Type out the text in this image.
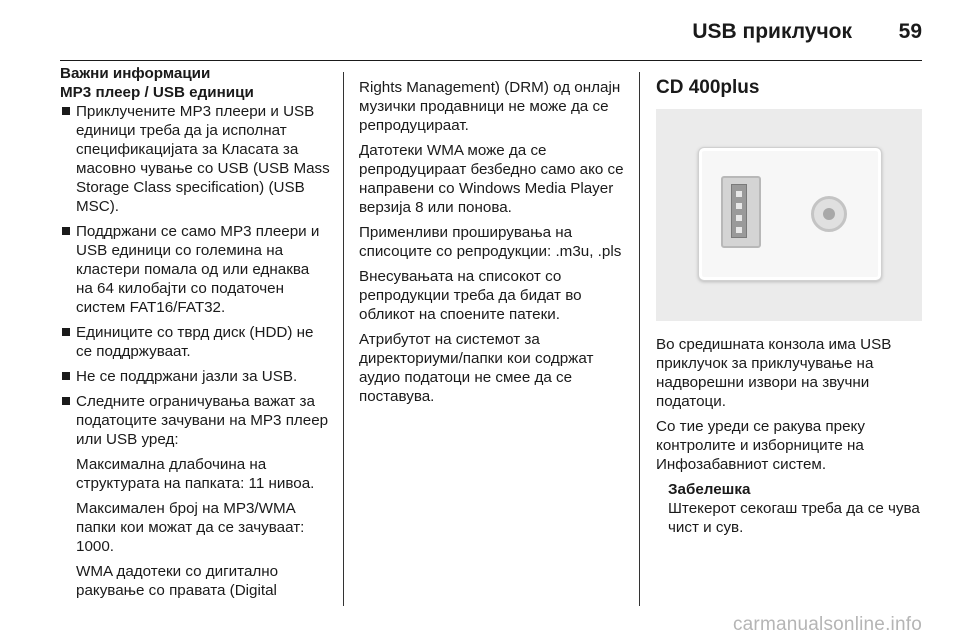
USB приклучок 59

Важни информации

MP3 плеер / USB единици

Приклучените MP3 плеери и USB единици треба да ја исполнат спецификацијата за Класата за масовно чување со USB (USB Mass Storage Class specification) (USB MSC).
Поддржани се само MP3 плеери и USB единици со големина на кластери помала од или еднаква на 64 килобајти со податочен систем FAT16/FAT32.
Единиците со тврд диск (HDD) не се поддржуваат.
Не се поддржани јазли за USB.
Следните ограничувања важат за податоците зачувани на MP3 плеер или USB уред:

Максимална длабочина на структурата на папката: 11 нивоа.

Максимален број на MP3/WMA папки кои можат да се зачуваат: 1000.

WMA дадотеки со дигитално ракување со правата (Digital

Rights Management) (DRM) од онлајн музички продавници не може да се репродуцираат.

Датотеки WMA може да се репродуцираат безбедно само ако се направени со Windows Media Player верзија 8 или понова.

Применливи проширувања на списоците со репродукции: .m3u, .pls

Внесувањата на списокот со репродукции треба да бидат во обликот на споените патеки.

Атрибутот на системот за директориуми/папки кои содржат аудио податоци не смее да се поставува.

CD 400plus

Во средишната конзола има USB приклучок за приклучување на надворешни извори на звучни податоци.

Со тие уреди се ракува преку контролите и изборниците на Инфозабавниот систем.

Забелешка

Штекерот секогаш треба да се чува чист и сув.

carmanualsonline.info
